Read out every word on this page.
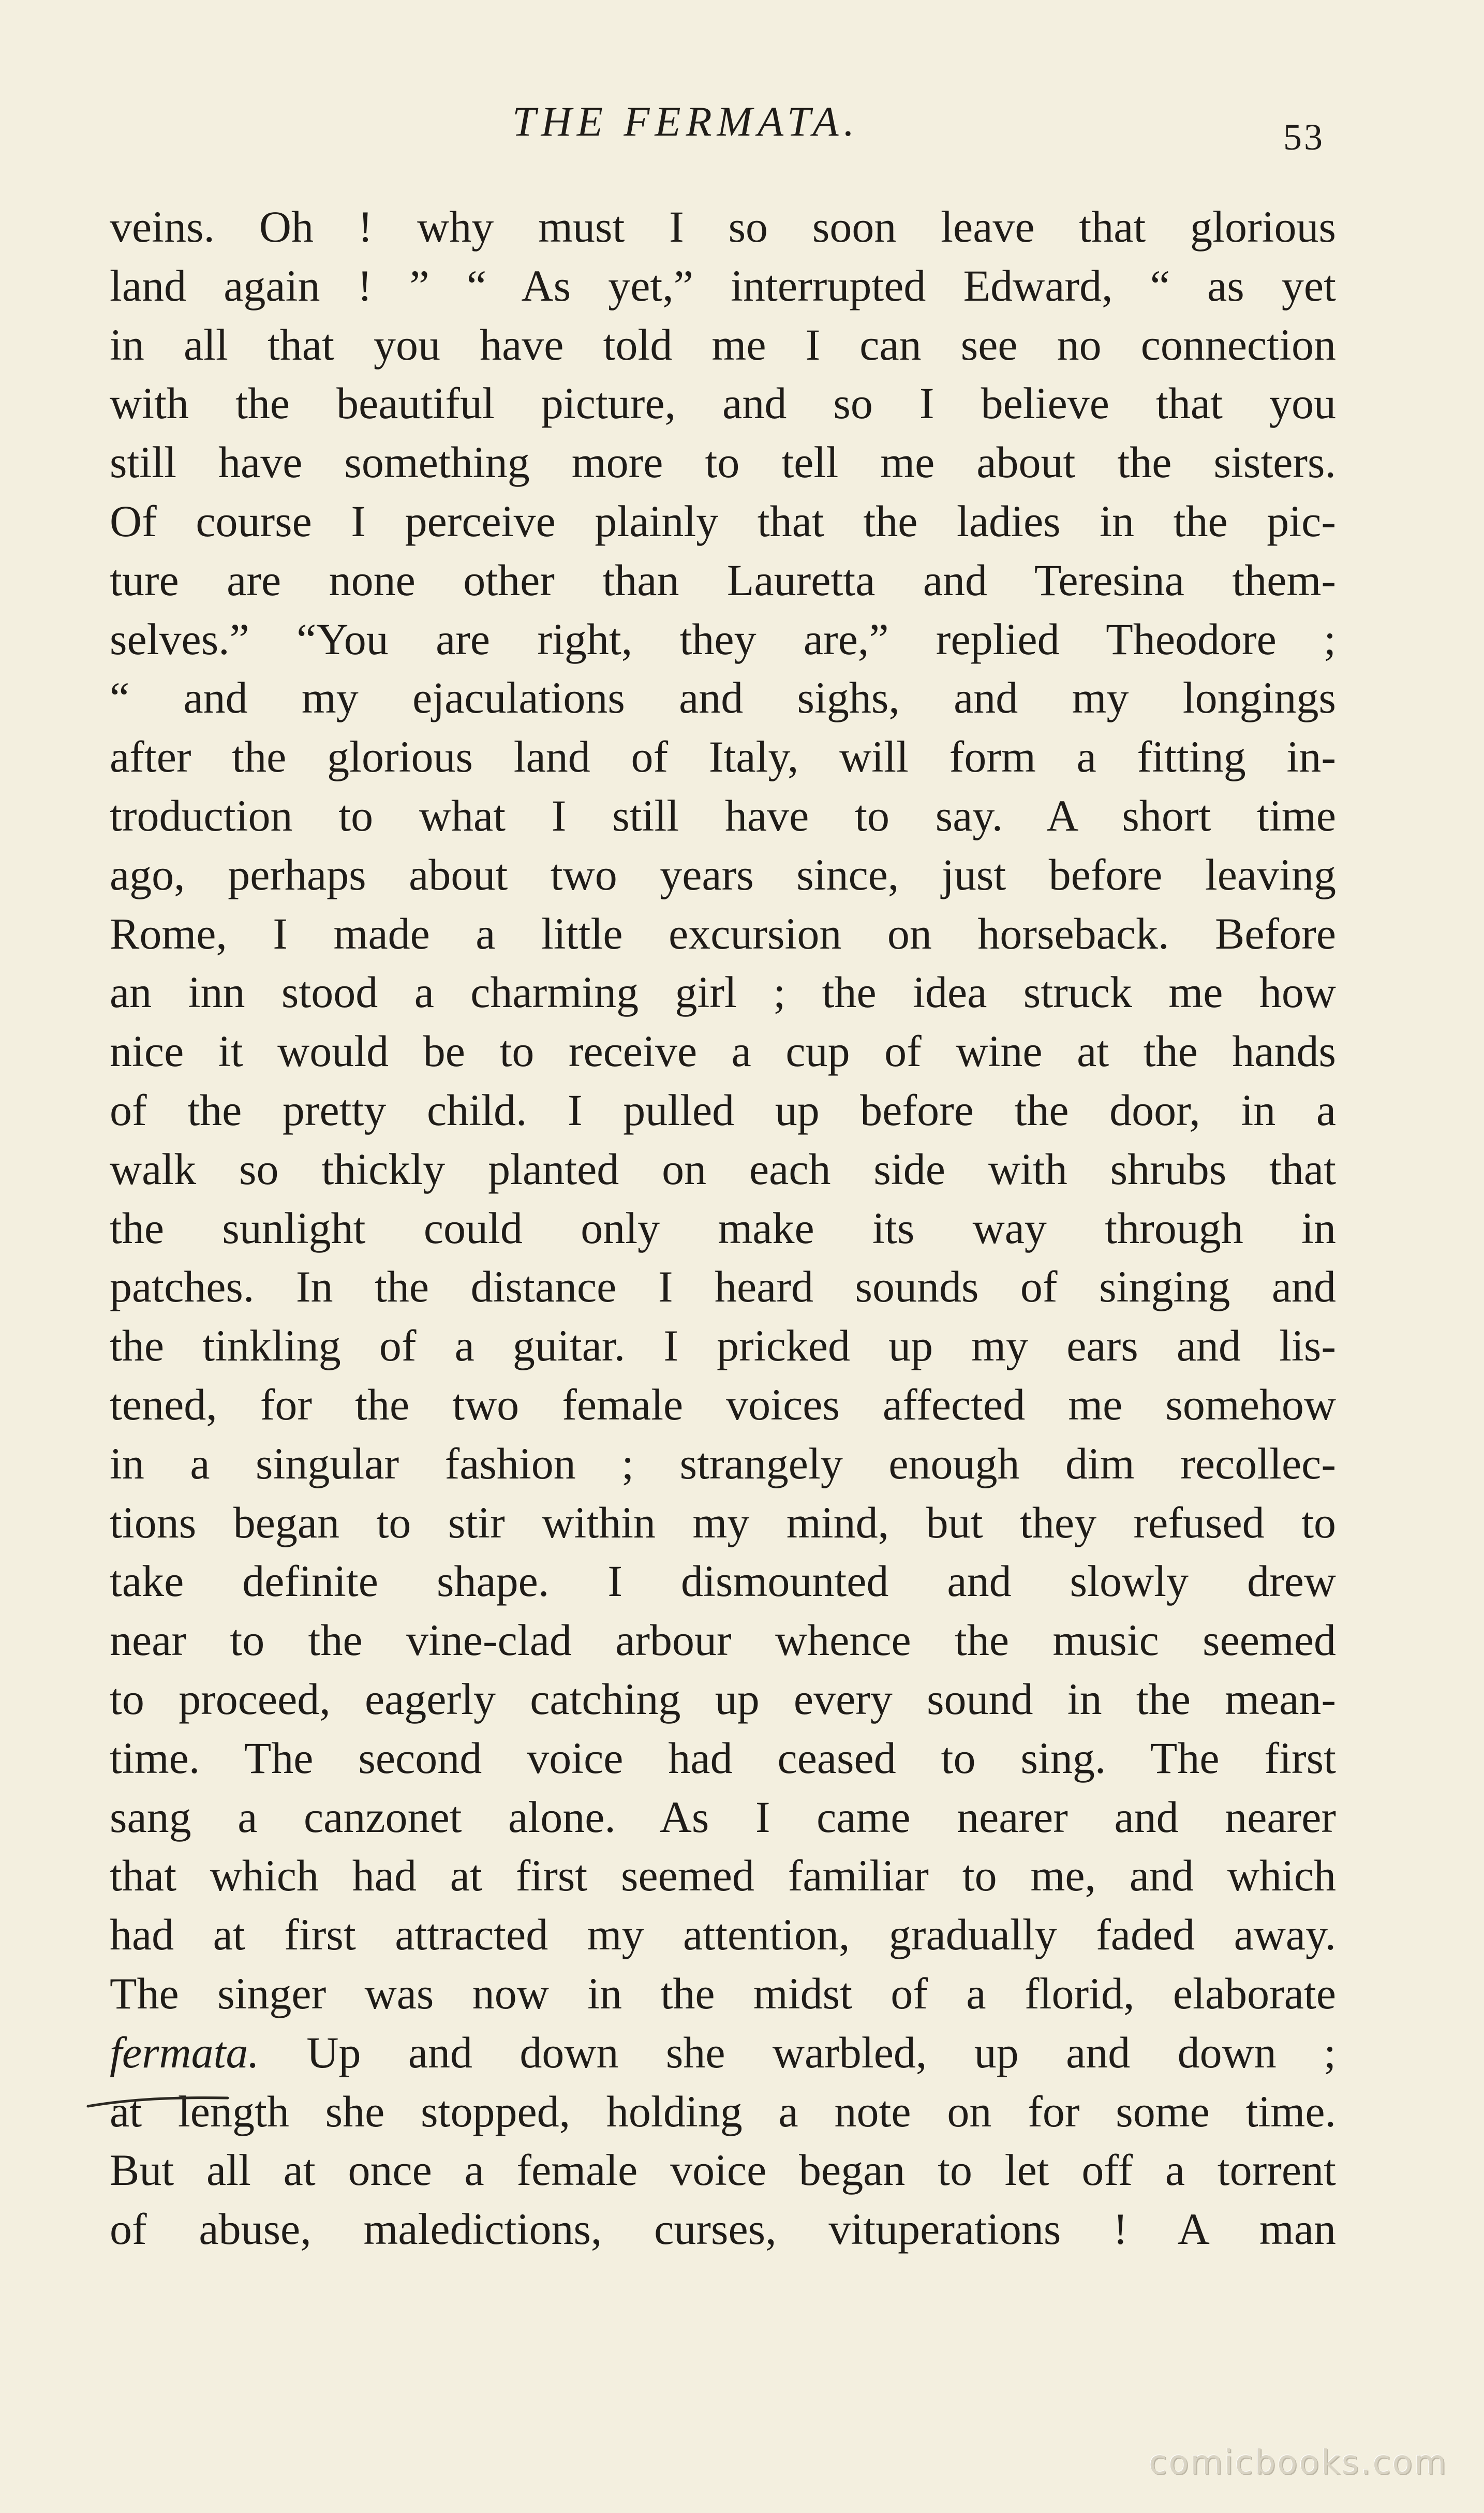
THE FERMATA.	53
veins. Oh ! why must I so soon leave that glorious
land again ! ” “ As yet,” interrupted Edward, “ as yet
in all that you have told me I can see no connection
with the beautiful picture, and so I believe that you
still have something more to tell me about the sisters.
Of course I perceive plainly that the ladies in the pic-
ture are none other than Lauretta and Teresina them-
selves.” “You are right, they are,” replied Theodore ;
“ and my ejaculations and sighs, and my longings
after the glorious land of Italy, will form a fitting in-
troduction to what I still have to say. A short time
ago, perhaps about two years since, just before leaving
Rome, I made a little excursion on horseback. Before
an inn stood a charming girl ; the idea struck me how
nice it would be to receive a cup of wine at the hands
of the pretty child. I pulled up before the door, in a
walk so thickly planted on each side with shrubs that
the sunlight could only make its way through in
patches. In the distance I heard sounds of singing and
the tinkling of a guitar. I pricked up my ears and lis-
tened, for the two female voices affected me somehow
in a singular fashion ; strangely enough dim recollec-
tions began to stir within my mind, but they refused to
take definite shape. I dismounted and slowly drew
near to the vine-clad arbour whence the music seemed
to proceed, eagerly catching up every sound in the mean-
time. The second voice had ceased to sing. The first
sang a canzonet alone. As I came nearer and nearer
that which had at first seemed familiar to me, and which
had at first attracted my attention, gradually faded away.
The singer was now in the midst of a florid, elaborate
fermata. Up and down she warbled, up and down ;
at length she stopped, holding a note on for some time.
But all at once a female voice began to let off a torrent
of abuse, maledictions, curses, vituperations ! A man
comicbooks.com
